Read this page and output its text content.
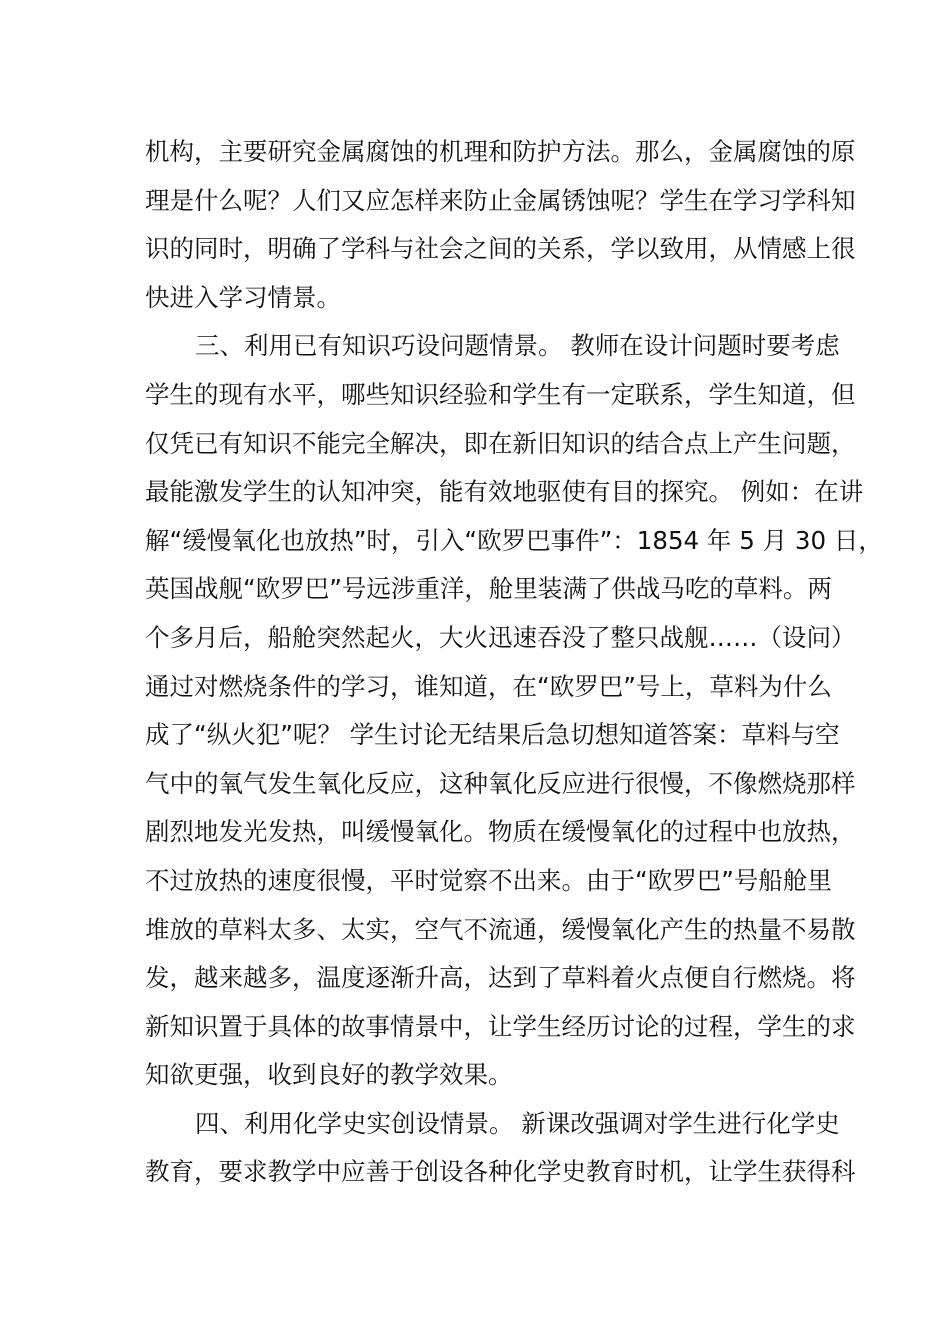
机构，主要研究金属腐蚀的机理和防护方法。那么，金属腐蚀的原
理是什么呢？人们又应怎样来防止金属锈蚀呢？学生在学习学科知
识的同时，明确了学科与社会之间的关系，学以致用，从情感上很
快进入学习情景。
三、利用已有知识巧设问题情景。 教师在设计问题时要考虑
学生的现有水平，哪些知识经验和学生有一定联系，学生知道，但
仅凭已有知识不能完全解决，即在新旧知识的结合点上产生问题，
最能激发学生的认知冲突，能有效地驱使有目的探究。 例如：在讲
解“缓慢氧化也放热”时，引入“欧罗巴事件”：1854 年 5 月 30 日，
英国战舰“欧罗巴”号远涉重洋，舱里装满了供战马吃的草料。两
个多月后，船舱突然起火，大火迅速吞没了整只战舰……（设问）
通过对燃烧条件的学习，谁知道，在“欧罗巴”号上，草料为什么
成了“纵火犯”呢？ 学生讨论无结果后急切想知道答案：草料与空
气中的氧气发生氧化反应，这种氧化反应进行很慢，不像燃烧那样
剧烈地发光发热，叫缓慢氧化。物质在缓慢氧化的过程中也放热，
不过放热的速度很慢，平时觉察不出来。由于“欧罗巴”号船舱里
堆放的草料太多、太实，空气不流通，缓慢氧化产生的热量不易散
发，越来越多，温度逐渐升高，达到了草料着火点便自行燃烧。将
新知识置于具体的故事情景中，让学生经历讨论的过程，学生的求
知欲更强，收到良好的教学效果。
四、利用化学史实创设情景。 新课改强调对学生进行化学史
教育，要求教学中应善于创设各种化学史教育时机，让学生获得科
